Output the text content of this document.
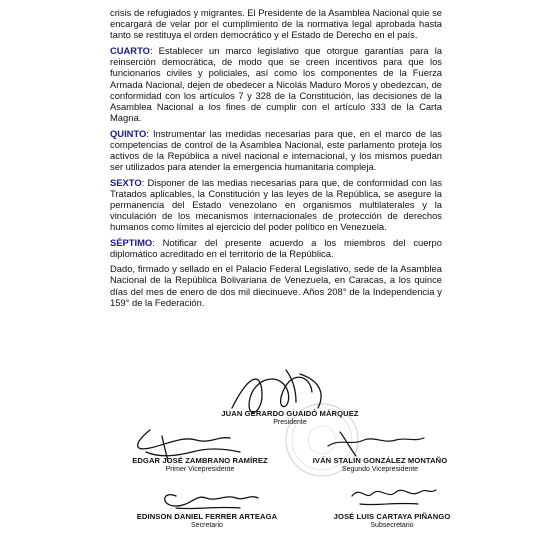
crisis de refugiados y migrantes. El Presidente de la Asamblea Nacional quie se encargará de velar por el cumplimiento de la normativa legal aprobada hasta tanto se restituya el orden democrático y el Estado de Derecho en el país.

CUARTO: Establecer un marco legislativo que otorgue garantías para la reinserción democrática, de modo que se creen incentivos para que los funcionarios civiles y policiales, así como los componentes de la Fuerza Armada Nacional, dejen de obedecer a Nicolás Maduro Moros y obedezcan, de conformidad con los artículos 7 y 328 de la Constitución, las decisiones de la Asamblea Nacional a los fines de cumplir con el artículo 333 de la Carta Magna.

QUINTO: Instrumentar las medidas necesarias para que, en el marco de las competencias de control de la Asamblea Nacional, este parlamento proteja los activos de la República a nivel nacional e internacional, y los mismos puedan ser utilizados para atender la emergencia humanitaria compleja.

SEXTO: Disponer de las medias necesarias para que, de conformidad con las Tratados aplicables, la Constitución y las leyes de la República, se asegure la permanencia del Estado venezolano en organismos multilaterales y la vinculación de los mecanismos internacionales de protección de derechos humanos como límites al ejercicio del poder político en Venezuela.

SÉPTIMO: Notificar del presente acuerdo a los miembros del cuerpo diplomático acreditado en el territorio de la República.

Dado, firmado y sellado en el Palacio Federal Legislativo, sede de la Asamblea Nacional de la República Bolivariana de Venezuela, en Caracas, a los quince días del mes de enero de dos mil diecinueve. Años 208° de la Independencia y 159° de la Federación.

JUAN GERARDO GUAIDÓ MÁRQUEZ
Presidente
EDGAR JOSÉ ZAMBRANO RAMÍREZ
Primer Vicepresidente
IVÁN STALIN GONZÁLEZ MONTAÑO
Segundo Vicepresidente
EDINSON DANIEL FERRER ARTEAGA
Secretario
JOSÉ LUIS CARTAYA PIÑANGO
Subsecretario
